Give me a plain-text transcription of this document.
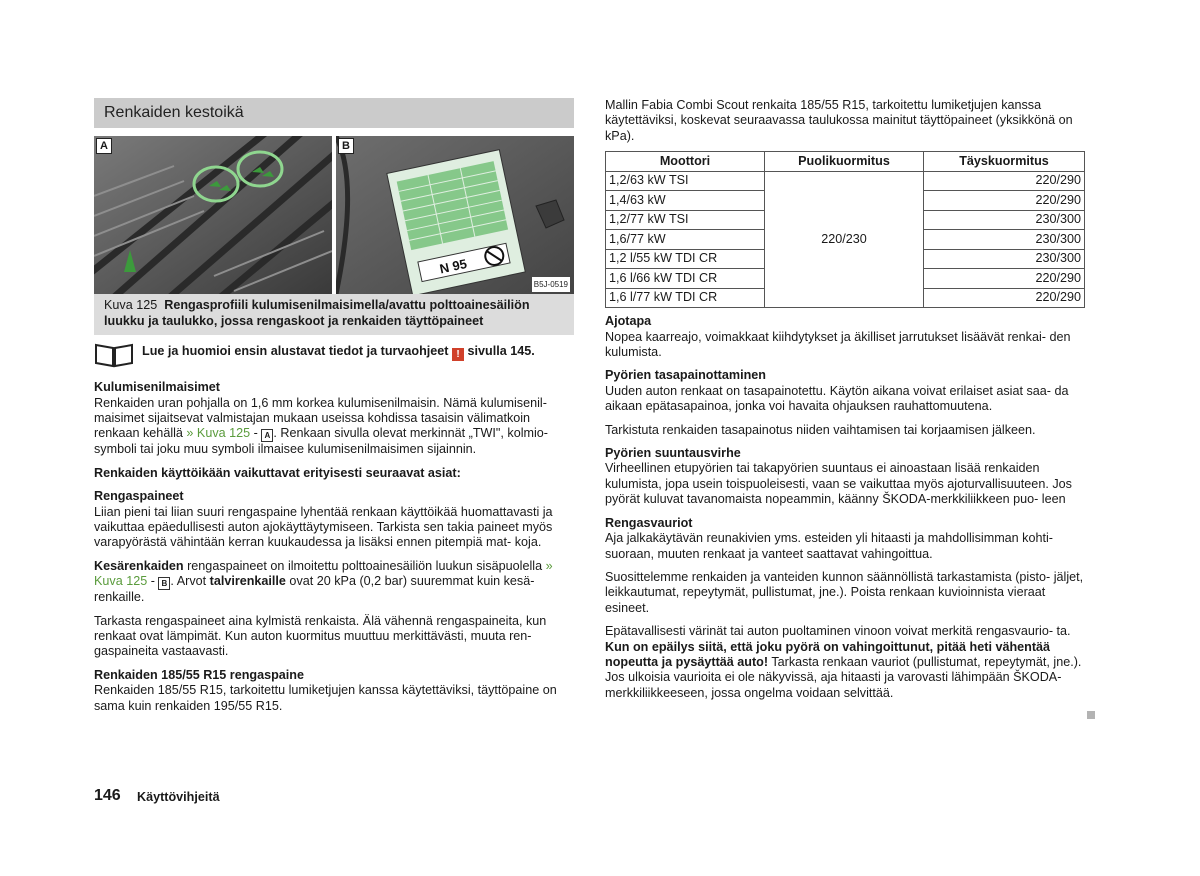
Renkaiden kestoikä
A
N 95
B
B5J-0519
Kuva 125 Rengasprofiili kulumisenilmaisimella/avattu polttoainesäiliön luukku ja taulukko, jossa rengaskoot ja renkaiden täyttöpaineet
Lue ja huomioi ensin alustavat tiedot ja turvaohjeet ! sivulla 145.
Kulumisenilmaisimet

Renkaiden uran pohjalla on 1,6 mm korkea kulumisenilmaisin. Nämä kulumisenil- maisimet sijaitsevat valmistajan mukaan useissa kohdissa tasaisin välimatkoin renkaan kehällä » Kuva 125 - A . Renkaan sivulla olevat merkinnät „TWI", kolmio- symboli tai joku muu symboli ilmaisee kulumisenilmaisimen sijainnin.

Renkaiden käyttöikään vaikuttavat erityisesti seuraavat asiat:

Rengaspaineet

Liian pieni tai liian suuri rengaspaine lyhentää renkaan käyttöikää huomattavasti ja vaikuttaa epäedullisesti auton ajokäyttäytymiseen. Tarkista sen takia paineet myös varapyörästä vähintään kerran kuukaudessa ja lisäksi ennen pitempiä mat- koja.

Kesärenkaiden rengaspaineet on ilmoitettu polttoainesäiliön luukun sisäpuolella » Kuva 125 - B . Arvot talvirenkaille ovat 20 kPa (0,2 bar) suuremmat kuin kesä- renkaille.

Tarkasta rengaspaineet aina kylmistä renkaista. Älä vähennä rengaspaineita, kun renkaat ovat lämpimät. Kun auton kuormitus muuttuu merkittävästi, muuta ren- gaspaineita vastaavasti.

Renkaiden 185/55 R15 rengaspaine

Renkaiden 185/55 R15, tarkoitettu lumiketjujen kanssa käytettäviksi, täyttöpaine on sama kuin renkaiden 195/55 R15.

Mallin Fabia Combi Scout renkaita 185/55 R15, tarkoitettu lumiketjujen kanssa käytettäviksi, koskevat seuraavassa taulukossa mainitut täyttöpaineet (yksikkönä on kPa).

Moottori	Puolikuormitus	Täyskuormitus
1,2/63 kW TSI	220/230	220/290
1,4/63 kW		220/290
1,2/77 kW TSI		230/300
1,6/77 kW		230/300
1,2 l/55 kW TDI CR		230/300
1,6 l/66 kW TDI CR		220/290
1,6 l/77 kW TDI CR		220/290
Ajotapa

Nopea kaarreajo, voimakkaat kiihdytykset ja äkilliset jarrutukset lisäävät renkai- den kulumista.

Pyörien tasapainottaminen

Uuden auton renkaat on tasapainotettu. Käytön aikana voivat erilaiset asiat saa- da aikaan epätasapainoa, jonka voi havaita ohjauksen rauhattomuutena.

Tarkistuta renkaiden tasapainotus niiden vaihtamisen tai korjaamisen jälkeen.

Pyörien suuntausvirhe

Virheellinen etupyörien tai takapyörien suuntaus ei ainoastaan lisää renkaiden kulumista, jopa usein toispuoleisesti, vaan se vaikuttaa myös ajoturvallisuuteen. Jos pyörät kuluvat tavanomaista nopeammin, käänny ŠKODA-merkkiliikkeen puo- leen

Rengasvauriot

Aja jalkakäytävän reunakivien yms. esteiden yli hitaasti ja mahdollisimman kohti- suoraan, muuten renkaat ja vanteet saattavat vahingoittua.

Suosittelemme renkaiden ja vanteiden kunnon säännöllistä tarkastamista (pisto- jäljet, leikkautumat, repeytymät, pullistumat, jne.). Poista renkaan kuvioinnista vieraat esineet.

Epätavallisesti värinät tai auton puoltaminen vinoon voivat merkitä rengasvaurio- ta. Kun on epäilys siitä, että joku pyörä on vahingoittunut, pitää heti vähentää nopeutta ja pysäyttää auto! Tarkasta renkaan vauriot (pullistumat, repeytymät, jne.). Jos ulkoisia vaurioita ei ole näkyvissä, aja hitaasti ja varovasti lähimpään ŠKODA-merkkiliikkeeseen, jossa ongelma voidaan selvittää.

146 Käyttövihjeitä
